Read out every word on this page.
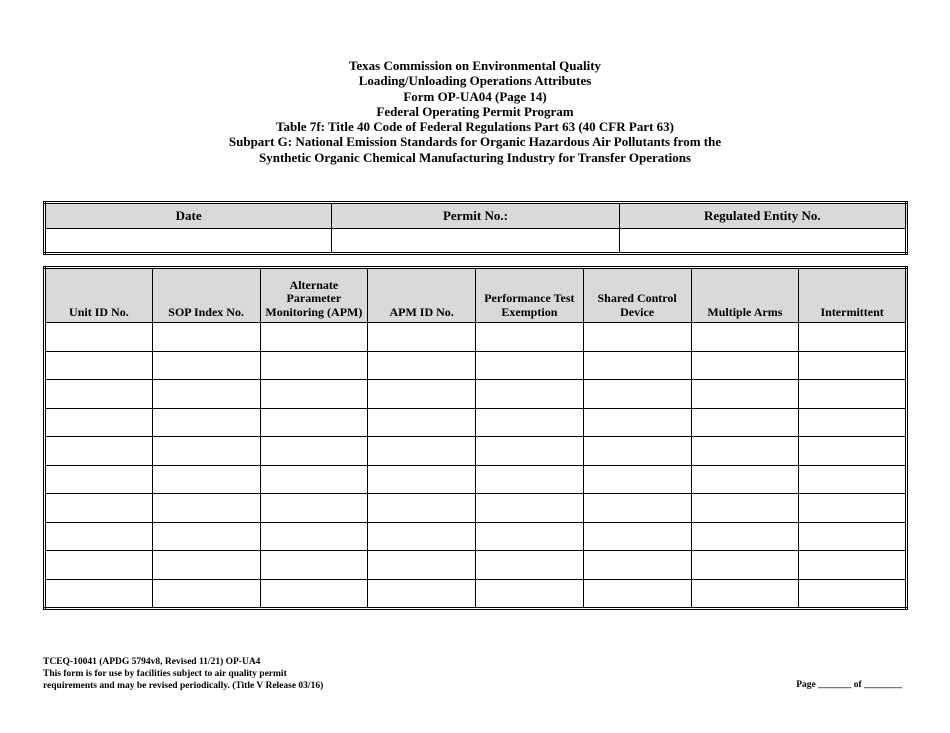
Texas Commission on Environmental Quality
Loading/Unloading Operations Attributes
Form OP-UA04 (Page 14)
Federal Operating Permit Program
Table 7f: Title 40 Code of Federal Regulations Part 63 (40 CFR Part 63)
Subpart G: National Emission Standards for Organic Hazardous Air Pollutants from the
Synthetic Organic Chemical Manufacturing Industry for Transfer Operations
Date	Permit No.:	Regulated Entity No.

Unit ID No.	SOP Index No.	Alternate Parameter Monitoring (APM)	APM ID No.	Performance Test Exemption	Shared Control Device	Multiple Arms	Intermittent

TCEQ-10041 (APDG 5794v8, Revised 11/21) OP-UA4
This form is for use by facilities subject to air quality permit
requirements and may be revised periodically. (Title V Release 03/16)	Page _______ of ________
